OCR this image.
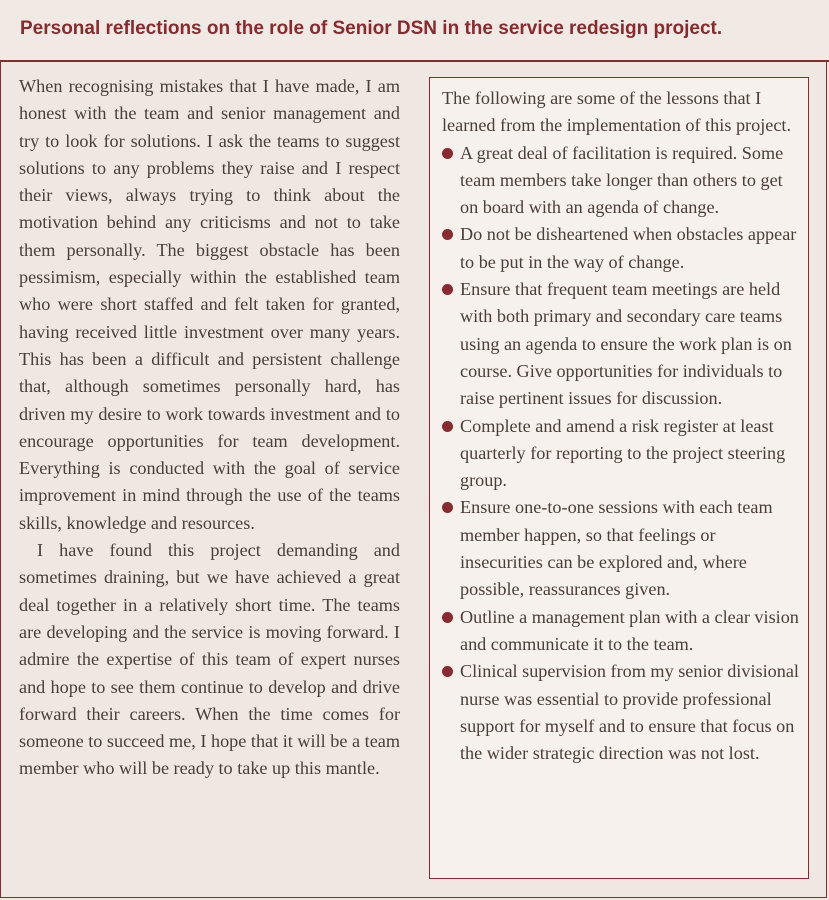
Personal reflections on the role of Senior DSN in the service redesign project.

When recognising mistakes that I have made, I am honest with the team and senior management and try to look for solutions. I ask the teams to suggest solutions to any problems they raise and I respect their views, always trying to think about the motivation behind any criticisms and not to take them personally. The biggest obstacle has been pessimism, especially within the established team who were short staffed and felt taken for granted, having received little investment over many years. This has been a difficult and persistent challenge that, although sometimes personally hard, has driven my desire to work towards investment and to encourage opportunities for team development. Everything is conducted with the goal of service improvement in mind through the use of the teams skills, knowledge and resources.

I have found this project demanding and sometimes draining, but we have achieved a great deal together in a relatively short time. The teams are developing and the service is moving forward. I admire the expertise of this team of expert nurses and hope to see them continue to develop and drive forward their careers. When the time comes for someone to succeed me, I hope that it will be a team member who will be ready to take up this mantle.

The following are some of the lessons that I learned from the implementation of this project.

A great deal of facilitation is required. Some team members take longer than others to get on board with an agenda of change.
Do not be disheartened when obstacles appear to be put in the way of change.
Ensure that frequent team meetings are held with both primary and secondary care teams using an agenda to ensure the work plan is on course. Give opportunities for individuals to raise pertinent issues for discussion.
Complete and amend a risk register at least quarterly for reporting to the project steering group.
Ensure one-to-one sessions with each team member happen, so that feelings or insecurities can be explored and, where possible, reassurances given.
Outline a management plan with a clear vision and communicate it to the team.
Clinical supervision from my senior divisional nurse was essential to provide professional support for myself and to ensure that focus on the wider strategic direction was not lost.
